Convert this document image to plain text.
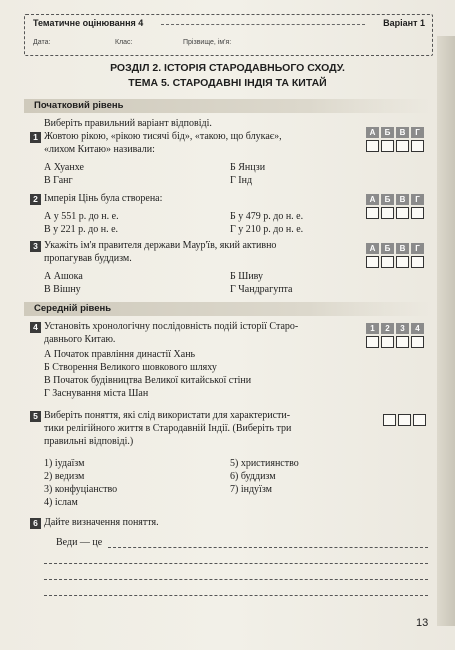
Тематичне оцінювання 4	Варіант 1
Дата:	Клас:	Прізвище, ім'я:
РОЗДІЛ 2. ІСТОРІЯ СТАРОДАВНЬОГО СХОДУ.
ТЕМА 5. СТАРОДАВНІ ІНДІЯ ТА КИТАЙ
Початковий рівень
Виберіть правильний варіант відповіді.
1 Жовтою рікою, «рікою тисячі бід», «такою, що блукає»,
«лихом Китаю» називали:
А Хуанхе	Б Янцзи
В Ганг	Г Інд
А	Б	В	Г
2 Імперія Цінь була створена:
А у 551 р. до н. е.	Б у 479 р. до н. е.
В у 221 р. до н. е.	Г у 210 р. до н. е.
А	Б	В	Г
3 Укажіть ім'я правителя держави Маур'їв, який активно
пропагував буддизм.
А Ашока	Б Шиву
В Вішну	Г Чандрагупта
А	Б	В	Г
Середній рівень
4 Установіть хронологічну послідовність подій історії Старо-
давнього Китаю.
А Початок правління династії Хань
Б Створення Великого шовкового шляху
В Початок будівництва Великої китайської стіни
Г Заснування міста Шан
1	2	3	4
5 Виберіть поняття, які слід використати для характеристи-
тики релігійного життя в Стародавній Індії. (Виберіть три
правильні відповіді.)
1) іудаїзм
2) ведизм
3) конфуціанство
4) іслам
5) християнство
6) буддизм
7) індуїзм
6 Дайте визначення поняття.
Веди — це
13
